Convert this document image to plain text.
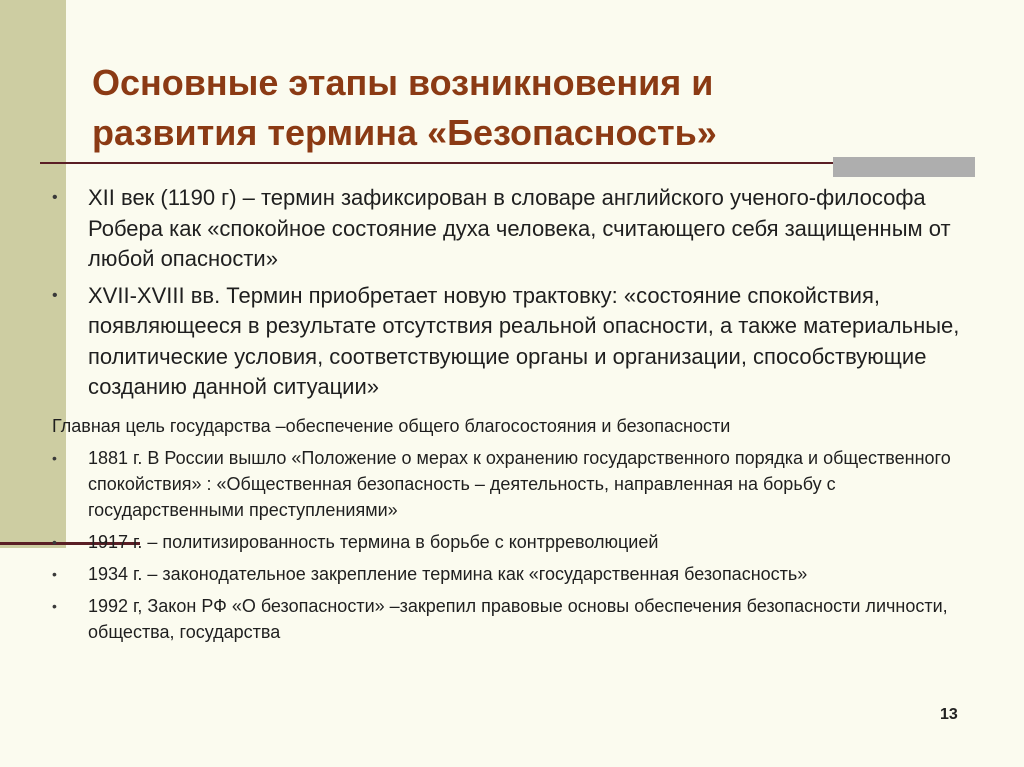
Основные этапы возникновения и
развития термина «Безопасность»
•	XII век (1190 г) – термин зафиксирован в словаре английского ученого-философа Робера как «спокойное состояние духа человека, считающего себя защищенным от любой опасности»
•	XVII-XVIII вв. Термин приобретает новую трактовку: «состояние спокойствия, появляющееся в результате отсутствия реальной опасности, а также материальные, политические условия, соответствующие органы и организации, способствующие созданию данной ситуации»
Главная цель государства –обеспечение общего благосостояния и безопасности
•	1881 г. В России вышло «Положение о мерах к охранению государственного порядка и общественного спокойствия» : «Общественная безопасность – деятельность, направленная на борьбу с государственными преступлениями»
•	1917 г. – политизированность термина в борьбе с контрреволюцией
•	1934 г. – законодательное закрепление термина как «государственная безопасность»
•	1992 г, Закон РФ «О безопасности» –закрепил правовые основы обеспечения безопасности личности, общества, государства
13
